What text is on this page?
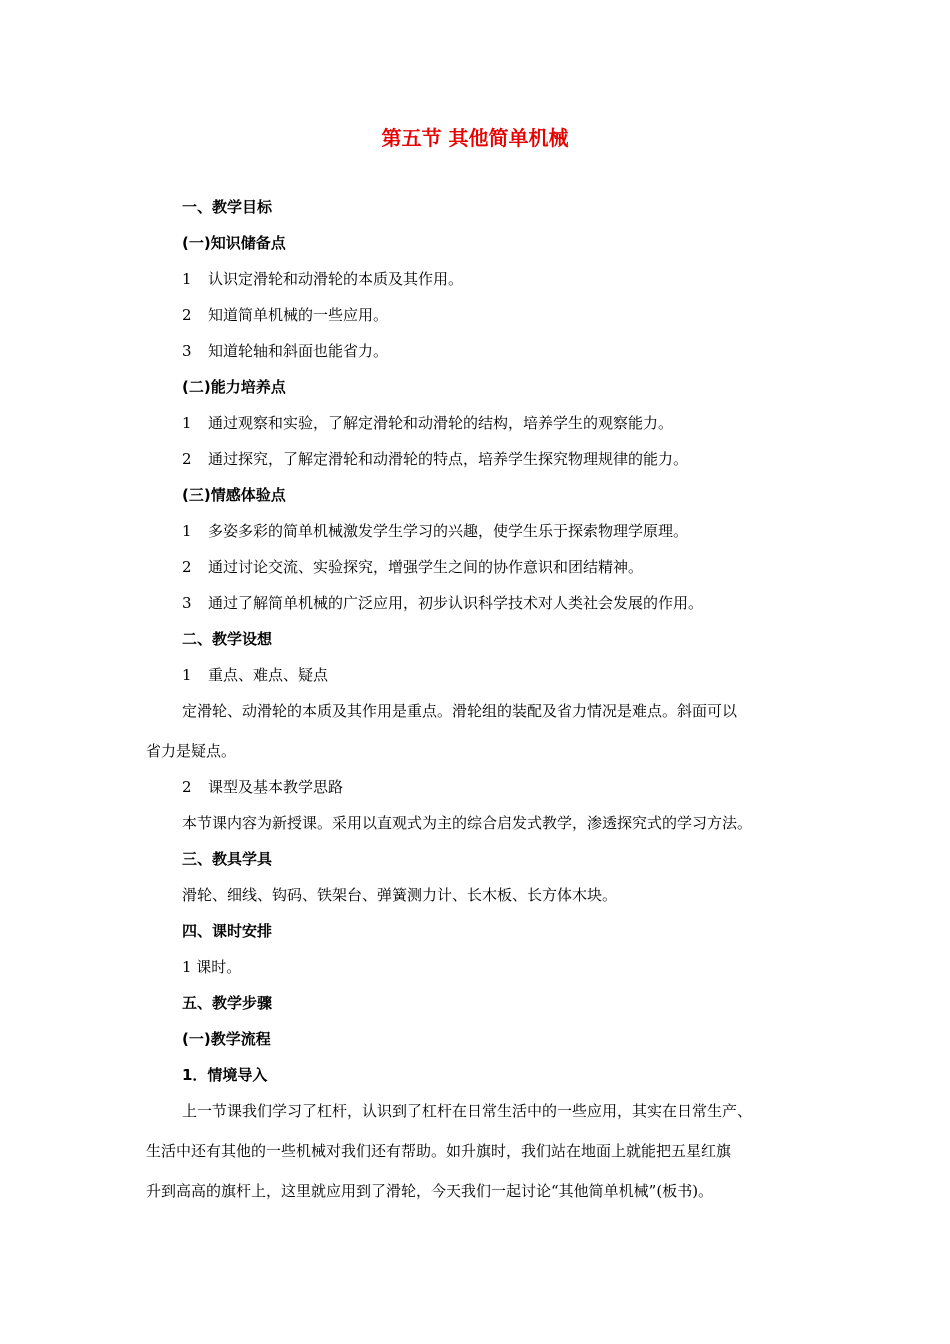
第五节 其他简单机械
一、教学目标
(一)知识储备点
1 认识定滑轮和动滑轮的本质及其作用。
2 知道简单机械的一些应用。
3 知道轮轴和斜面也能省力。
(二)能力培养点
1 通过观察和实验，了解定滑轮和动滑轮的结构，培养学生的观察能力。
2 通过探究，了解定滑轮和动滑轮的特点，培养学生探究物理规律的能力。
(三)情感体验点
1 多姿多彩的简单机械激发学生学习的兴趣，使学生乐于探索物理学原理。
2 通过讨论交流、实验探究，增强学生之间的协作意识和团结精神。
3 通过了解简单机械的广泛应用，初步认识科学技术对人类社会发展的作用。
二、教学设想
1 重点、难点、疑点
定滑轮、动滑轮的本质及其作用是重点。滑轮组的装配及省力情况是难点。斜面可以
省力是疑点。
2 课型及基本教学思路
本节课内容为新授课。采用以直观式为主的综合启发式教学，渗透探究式的学习方法。
三、教具学具
滑轮、细线、钩码、铁架台、弹簧测力计、长木板、长方体木块。
四、课时安排
1 课时。
五、教学步骤
(一)教学流程
1．情境导入
上一节课我们学习了杠杆，认识到了杠杆在日常生活中的一些应用，其实在日常生产、
生活中还有其他的一些机械对我们还有帮助。如升旗时，我们站在地面上就能把五星红旗
升到高高的旗杆上，这里就应用到了滑轮，今天我们一起讨论“其他简单机械”(板书)。
